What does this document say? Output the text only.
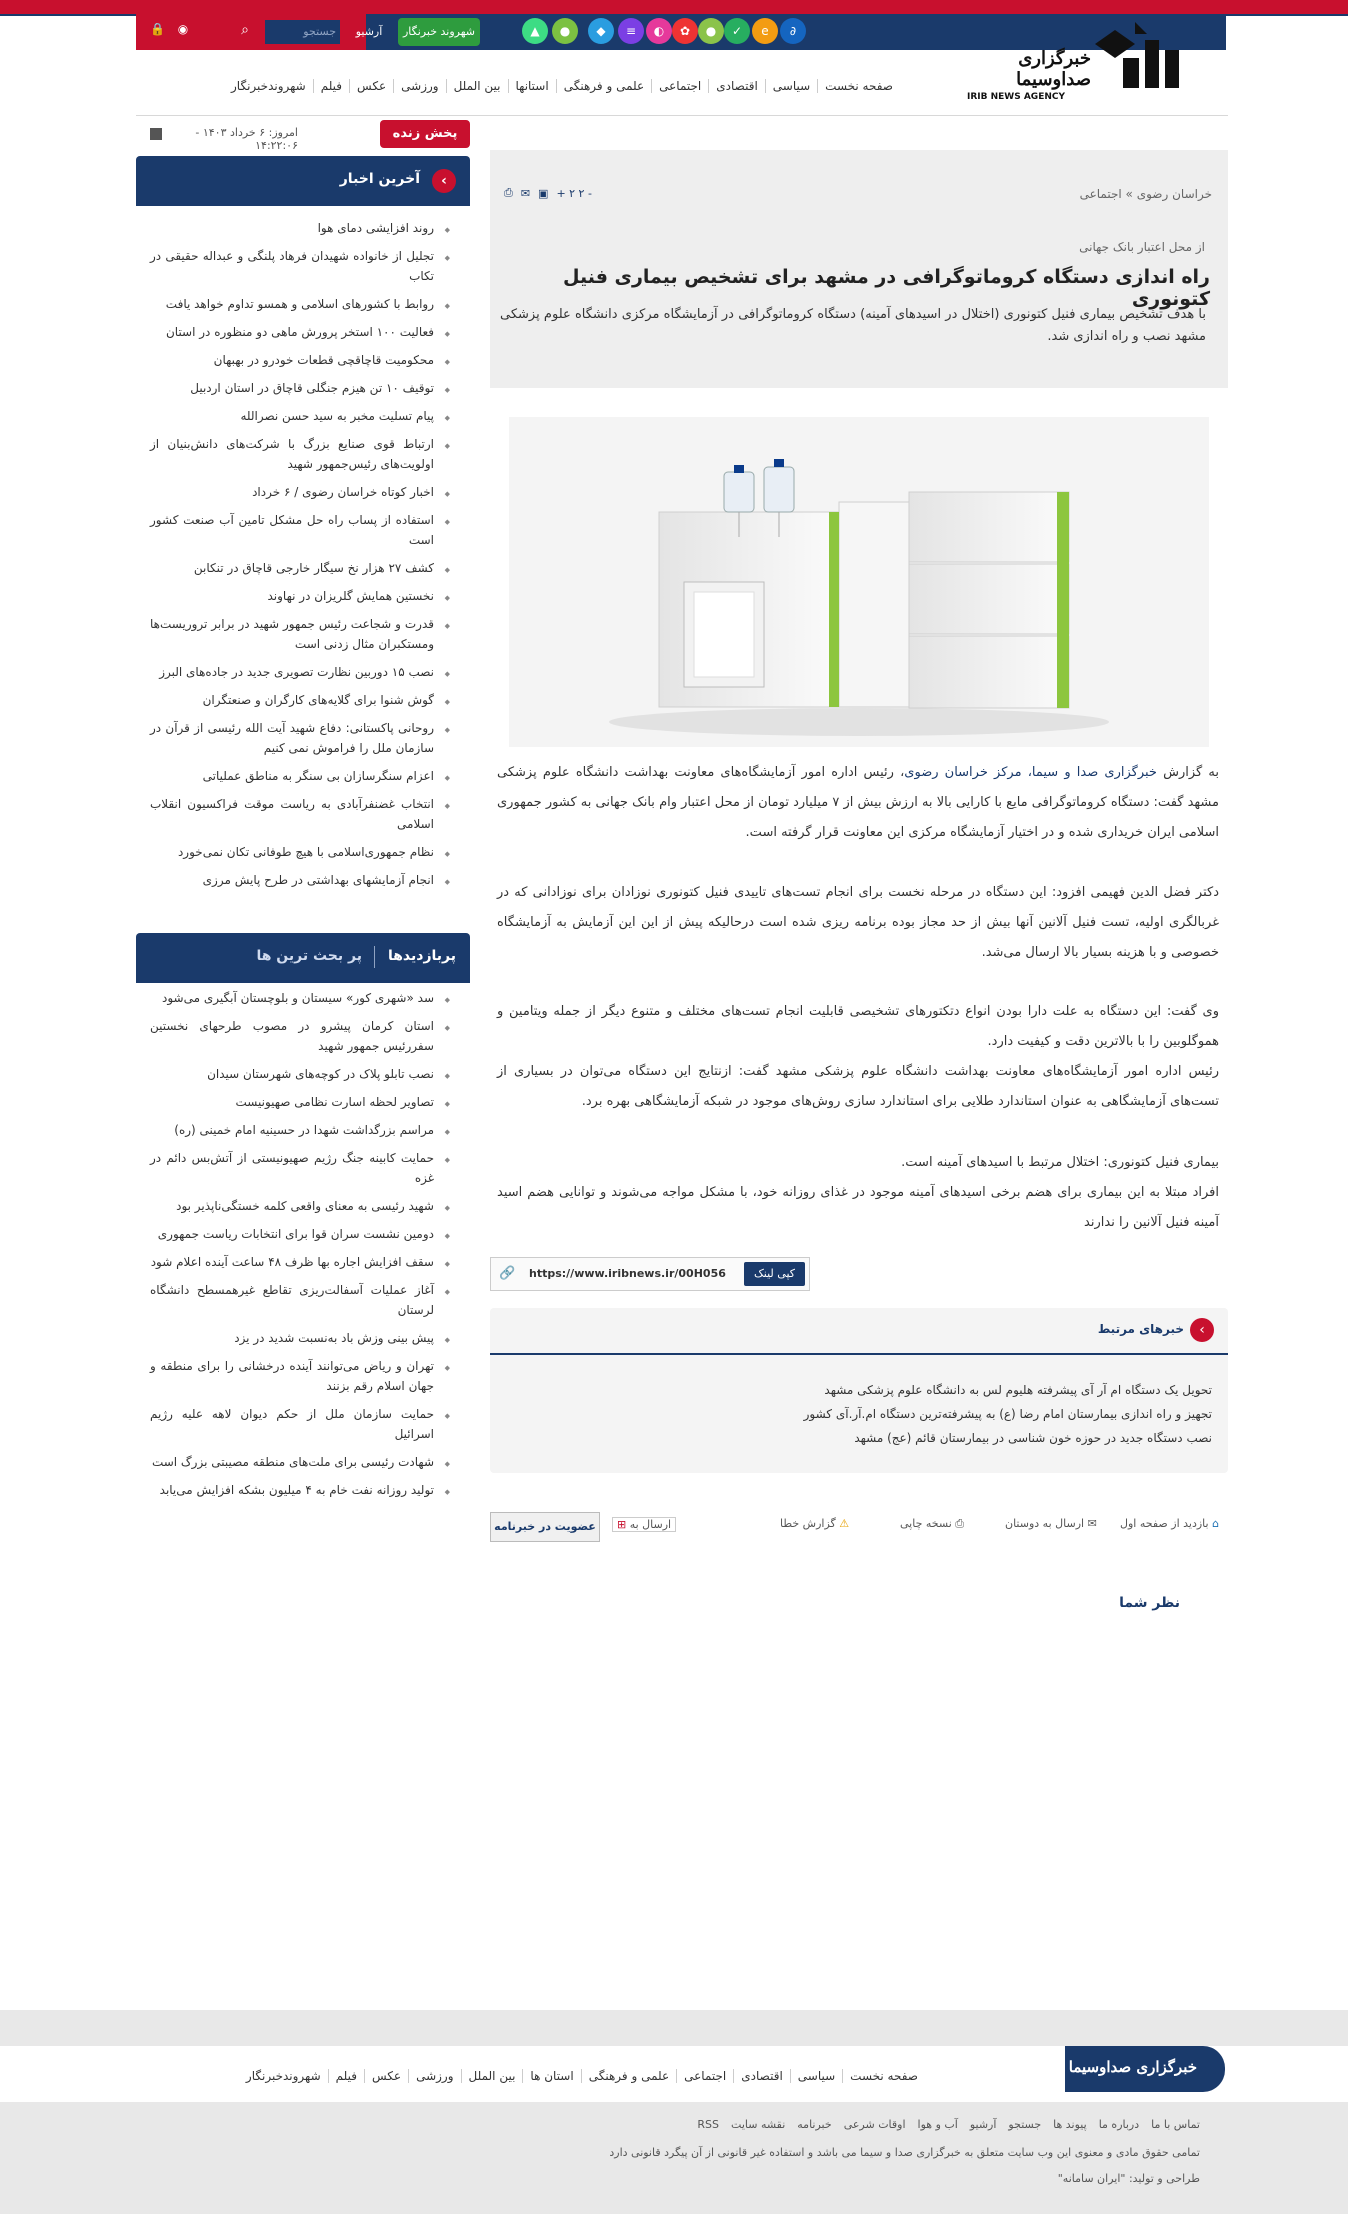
🔒 ◉	⌕	جستجو	آرشیو	شهروند خبرنگار	▲	●	◆	≡	◐	✿	●	✓	e	∂
خبرگزاری صداوسیما
IRIB NEWS AGENCY
صفحه نخست
سیاسی
اقتصادی
اجتماعی
علمی و فرهنگی
استانها
بین الملل
ورزشی
عکس
فیلم
شهروندخبرنگار
پخش زنده
امروز: ۶ خرداد ۱۴۰۳ - ۱۴:۲۲:۰۶
آخرین اخبار	‹
◆ روند افزایشی دمای هوا
◆ تجلیل از خانواده شهیدان فرهاد پلنگی و عبداله حقیقی در تکاب
◆ روابط با کشورهای اسلامی و همسو تداوم خواهد یافت
◆ فعالیت ۱۰۰ استخر پرورش ماهی دو منظوره در استان
◆ محکومیت قاچاقچی قطعات خودرو در بهبهان
◆ توقیف ۱۰ تن هیزم جنگلی قاچاق در استان اردبیل
◆ پیام تسلیت مخبر به سید حسن نصرالله
◆ ارتباط قوی صنایع بزرگ با شرکت‌های دانش‌بنیان از اولویت‌های رئیس‌جمهور شهید
◆ اخبار کوتاه خراسان رضوی / ۶ خرداد
◆ استفاده از پساب راه حل مشکل تامین آب صنعت کشور است
◆ کشف ۲۷ هزار نخ سیگار خارجی قاچاق در تنکابن
◆ نخستین همایش گلریزان در نهاوند
◆ قدرت و شجاعت رئیس جمهور شهید در برابر تروریست‌ها ومستکبران مثال زدنی است
◆ نصب ۱۵ دوربین نظارت تصویری جدید در جاده‌های البرز
◆ گوش شنوا برای گلایه‌های کارگران و صنعتگران
◆ روحانی پاکستانی: دفاع شهید آیت الله رئیسی از قرآن در سازمان ملل را فراموش نمی کنیم
◆ اعزام سنگرسازان بی سنگر به مناطق عملیاتی
◆ انتخاب غضنفرآبادی به ریاست موقت فراکسیون انقلاب اسلامی
◆ نظام جمهوری‌اسلامی با هیچ طوفانی تکان نمی‌خورد
◆ انجام آزمایشهای بهداشتی در طرح پایش مرزی
پربازدیدها
پر بحث ترین ها
◆ سد «شهری کور» سیستان و بلوچستان آبگیری می‌شود
◆ استان کرمان پیشرو در مصوب طرحهای نخستین سفررئیس جمهور شهید
◆ نصب تابلو پلاک در کوچه‌های شهرستان سیدان
◆ تصاویر لحظه اسارت نظامی صهیونیست
◆ مراسم بزرگداشت شهدا در حسینیه امام خمینی (ره)
◆ حمایت کابینه جنگ رژیم صهیونیستی از آتش‌بس دائم در غزه
◆ شهید رئیسی به معنای واقعی کلمه خستگی‌ناپذیر بود
◆ دومین نشست سران قوا برای انتخابات ریاست جمهوری
◆ سقف افزایش اجاره بها ظرف ۴۸ ساعت آینده اعلام شود
◆ آغاز عملیات آسفالت‌ریزی تقاطع غیرهمسطح دانشگاه لرستان
◆ پیش بینی وزش باد به‌نسبت شدید در یزد
◆ تهران و ریاض می‌توانند آینده درخشانی را برای منطقه و جهان اسلام رقم بزنند
◆ حمایت سازمان ملل از حکم دیوان لاهه علیه رژیم اسرائیل
◆ شهادت رئیسی برای ملت‌های منطقه مصیبتی بزرگ است
◆ تولید روزانه نفت خام به ۴ میلیون بشکه افزایش می‌یابد
خراسان رضوی » اجتماعی
⎙ ✉ ▣ + ۲ ۲ -
از محل اعتبار بانک جهانی
راه اندازی دستگاه کروماتوگرافی در مشهد برای تشخیص بیماری فنیل کتونوری
با هدف تشخیص بیماری فنیل کتونوری (اختلال در اسیدهای آمینه) دستگاه کروماتوگرافی در آزمایشگاه مرکزی دانشگاه علوم پزشکی مشهد نصب و راه اندازی شد.
به گزارش خبرگزاری صدا و سیما، مرکز خراسان رضوی، رئیس اداره امور آزمایشگاه‌های معاونت بهداشت دانشگاه علوم پزشکی مشهد گفت: دستگاه کروماتوگرافی مایع با کارایی بالا به ارزش بیش از ۷ میلیارد تومان از محل اعتبار وام بانک جهانی به کشور جمهوری اسلامی ایران خریداری شده و در اختیار آزمایشگاه مرکزی این معاونت قرار گرفته است.
دکتر فضل الدین فهیمی افزود: این دستگاه در مرحله نخست برای انجام تست‌های تاییدی فنیل کتونوری نوزادان برای نوزادانی که در غربالگری اولیه، تست فنیل آلانین آنها بیش از حد مجاز بوده برنامه ریزی شده است درحالیکه پیش از این این آزمایش به آزمایشگاه خصوصی و با هزینه بسیار بالا ارسال می‌شد.
وی گفت: این دستگاه به علت دارا بودن انواع دتکتورهای تشخیصی قابلیت انجام تست‌های مختلف و متنوع دیگر از جمله ویتامین و هموگلوبین را با بالاترین دقت و کیفیت دارد.
رئیس اداره امور آزمایشگاه‌های معاونت بهداشت دانشگاه علوم پزشکی مشهد گفت: ازنتایج این دستگاه می‌توان در بسیاری از تست‌های آزمایشگاهی به عنوان استاندارد طلایی برای استاندارد سازی روش‌های موجود در شبکه آزمایشگاهی بهره برد.
بیماری فنیل کتونوری: اختلال مرتبط با اسیدهای آمینه است.
افراد مبتلا به این بیماری برای هضم برخی اسیدهای آمینه موجود در غذای روزانه خود، با مشکل مواجه می‌شوند و توانایی هضم اسید آمینه فنیل آلانین را ندارند
🔗 https://www.iribnews.ir/00H056	کپی لینک
‹
خبرهای مرتبط
تحویل یک دستگاه ام آر آی پیشرفته هلیوم لس به دانشگاه علوم پزشکی مشهد
تجهیز و راه اندازی بیمارستان امام رضا (ع) به پیشرفته‌ترین دستگاه ام.آر.آی کشور
نصب دستگاه جدید در حوزه خون شناسی در بیمارستان قائم (عج) مشهد
⌂ بازدید از صفحه اول
✉ ارسال به دوستان
⎙ نسخه چاپی
⚠ گزارش خطا
ارسال به ⊞
عضویت در خبرنامه
نظر شما
خبرگزاری صداوسیما
صفحه نخست
سیاسی
اقتصادی
اجتماعی
علمی و فرهنگی
استان ها
بین الملل
ورزشی
عکس
فیلم
شهروندخبرنگار
تماس با ما
درباره ما
پیوند ها
جستجو
آرشیو
آب و هوا
اوقات شرعی
خبرنامه
نقشه سایت
RSS
تمامی حقوق مادی و معنوی این وب سایت متعلق به خبرگزاری صدا و سیما می باشد و استفاده غیر قانونی از آن پیگرد قانونی دارد
طراحی و تولید: "ایران سامانه"
